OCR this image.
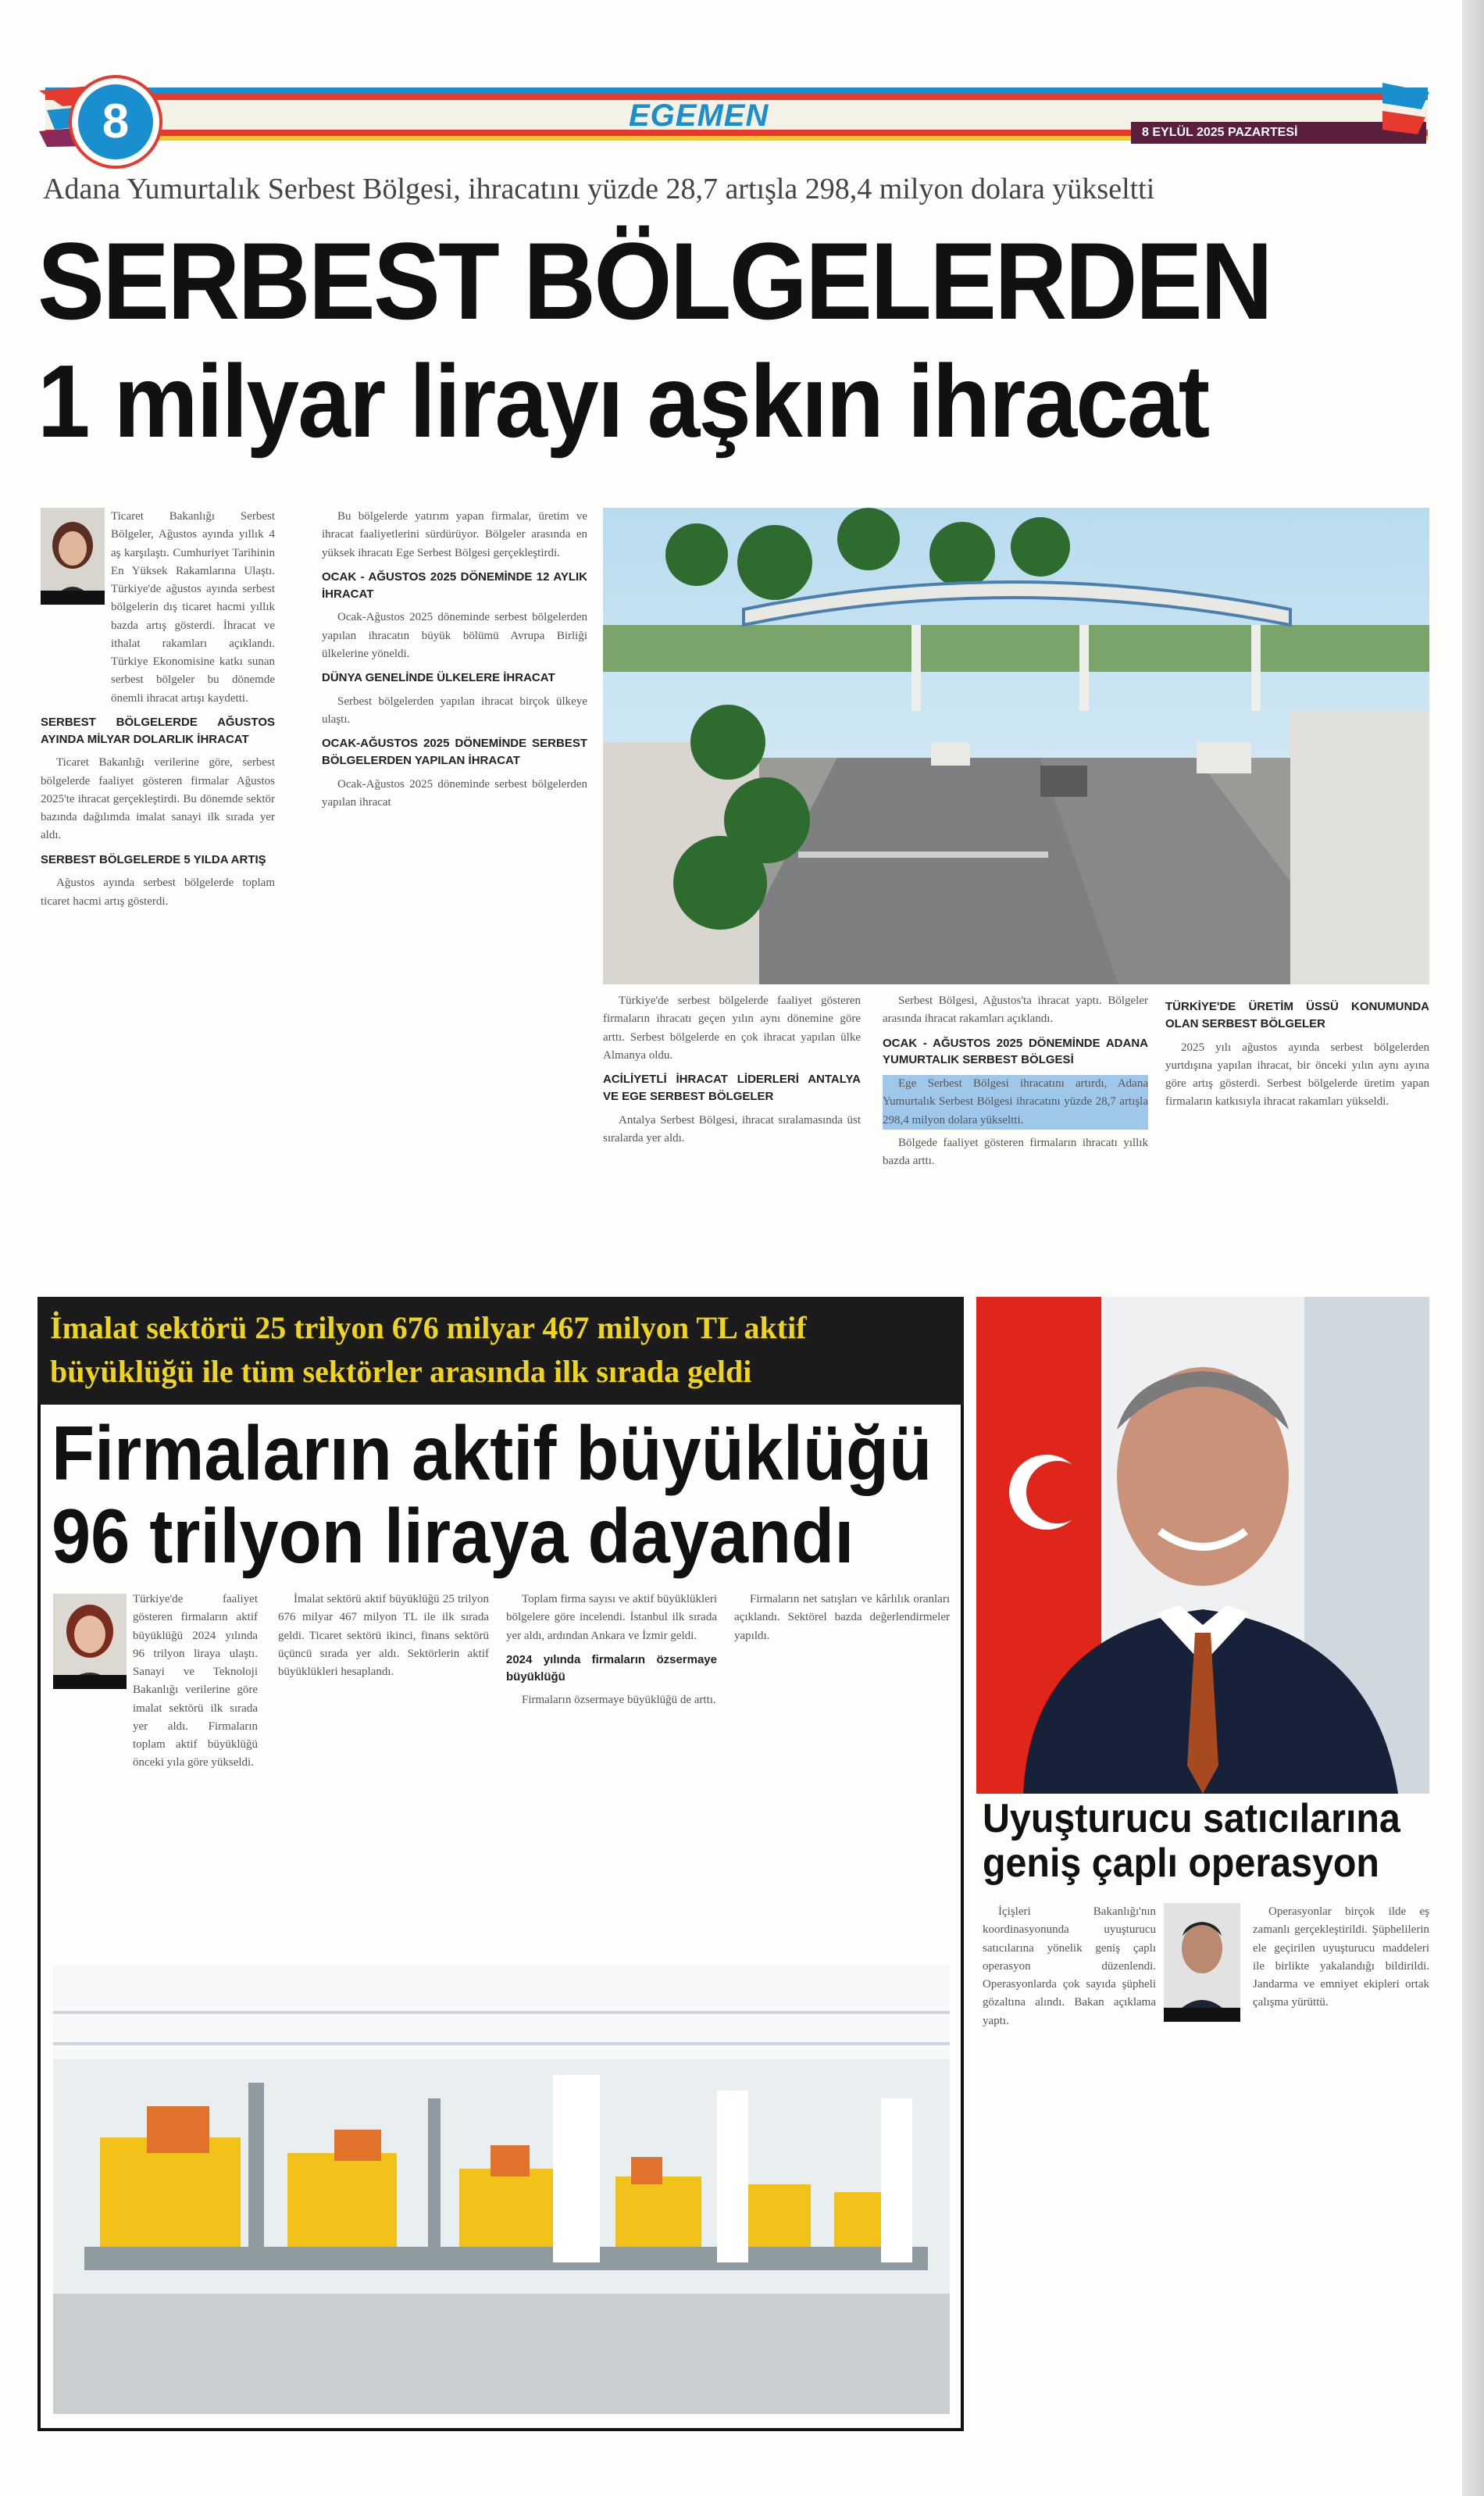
8	EGEMEN	8 EYLÜL 2025 PAZARTESİ
Adana Yumurtalık Serbest Bölgesi, ihracatını yüzde 28,7 artışla 298,4 milyon dolara yükseltti
SERBEST BÖLGELERDEN
1 milyar lirayı aşkın ihracat

Ticaret Bakanlığı Serbest Bölgeler, Ağustos ayında yıllık 4 aş karşılaştı. Cumhuriyet Tarihinin En Yüksek Rakamlarına Ulaştı. Türkiye'de ağustos ayında serbest bölgelerin dış ticaret hacmi yıllık bazda artış gösterdi. İhracat ve ithalat rakamları açıklandı. Türkiye Ekonomisine katkı sunan serbest bölgeler bu dönemde önemli ihracat artışı kaydetti.

SERBEST BÖLGELERDE AĞUSTOS AYINDA MİLYAR DOLARLIK İHRACAT

Ticaret Bakanlığı verilerine göre, serbest bölgelerde faaliyet gösteren firmalar Ağustos 2025'te ihracat gerçekleştirdi. Bu dönemde sektör bazında dağılımda imalat sanayi ilk sırada yer aldı.

SERBEST BÖLGELERDE 5 YILDA ARTIŞ

Ağustos ayında serbest bölgelerde toplam ticaret hacmi artış gösterdi.

Bu bölgelerde yatırım yapan firmalar, üretim ve ihracat faaliyetlerini sürdürüyor. Bölgeler arasında en yüksek ihracatı Ege Serbest Bölgesi gerçekleştirdi.

OCAK - AĞUSTOS 2025 DÖNEMİNDE 12 AYLIK İHRACAT

Ocak-Ağustos 2025 döneminde serbest bölgelerden yapılan ihracatın büyük bölümü Avrupa Birliği ülkelerine yöneldi.

DÜNYA GENELİNDE ÜLKELERE İHRACAT

Serbest bölgelerden yapılan ihracat birçok ülkeye ulaştı.

OCAK-AĞUSTOS 2025 DÖNEMİNDE SERBEST BÖLGELERDEN YAPILAN İHRACAT

Ocak-Ağustos 2025 döneminde serbest bölgelerden yapılan ihracat

Türkiye'de serbest bölgelerde faaliyet gösteren firmaların ihracatı geçen yılın aynı dönemine göre arttı. Serbest bölgelerde en çok ihracat yapılan ülke Almanya oldu.

ACİLİYETLİ İHRACAT LİDERLERİ ANTALYA VE EGE SERBEST BÖLGELER

Antalya Serbest Bölgesi, ihracat sıralamasında üst sıralarda yer aldı.

Serbest Bölgesi, Ağustos'ta ihracat yaptı. Bölgeler arasında ihracat rakamları açıklandı.

OCAK - AĞUSTOS 2025 DÖNEMİNDE ADANA YUMURTALIK SERBEST BÖLGESİ

Ege Serbest Bölgesi ihracatını artırdı, Adana Yumurtalık Serbest Bölgesi ihracatını yüzde 28,7 artışla 298,4 milyon dolara yükseltti.

Bölgede faaliyet gösteren firmaların ihracatı yıllık bazda arttı.

TÜRKİYE'DE ÜRETİM ÜSSÜ KONUMUNDA OLAN SERBEST BÖLGELER

2025 yılı ağustos ayında serbest bölgelerden yurtdışına yapılan ihracat, bir önceki yılın aynı ayına göre artış gösterdi. Serbest bölgelerde üretim yapan firmaların katkısıyla ihracat rakamları yükseldi.

İmalat sektörü 25 trilyon 676 milyar 467 milyon TL aktif
büyüklüğü ile tüm sektörler arasında ilk sırada geldi
Firmaların aktif büyüklüğü
96 trilyon liraya dayandı

Türkiye'de faaliyet gösteren firmaların aktif büyüklüğü 2024 yılında 96 trilyon liraya ulaştı. Sanayi ve Teknoloji Bakanlığı verilerine göre imalat sektörü ilk sırada yer aldı. Firmaların toplam aktif büyüklüğü önceki yıla göre yükseldi.

İmalat sektörü aktif büyüklüğü 25 trilyon 676 milyar 467 milyon TL ile ilk sırada geldi. Ticaret sektörü ikinci, finans sektörü üçüncü sırada yer aldı. Sektörlerin aktif büyüklükleri hesaplandı.

Toplam firma sayısı ve aktif büyüklükleri bölgelere göre incelendi. İstanbul ilk sırada yer aldı, ardından Ankara ve İzmir geldi.

2024 yılında firmaların özsermaye büyüklüğü

Firmaların özsermaye büyüklüğü de arttı.

Firmaların net satışları ve kârlılık oranları açıklandı. Sektörel bazda değerlendirmeler yapıldı.

Uyuşturucu satıcılarına
geniş çaplı operasyon

İçişleri Bakanlığı'nın koordinasyonunda uyuşturucu satıcılarına yönelik geniş çaplı operasyon düzenlendi. Operasyonlarda çok sayıda şüpheli gözaltına alındı. Bakan açıklama yaptı.

Operasyonlar birçok ilde eş zamanlı gerçekleştirildi. Şüphelilerin ele geçirilen uyuşturucu maddeleri ile birlikte yakalandığı bildirildi. Jandarma ve emniyet ekipleri ortak çalışma yürüttü.
